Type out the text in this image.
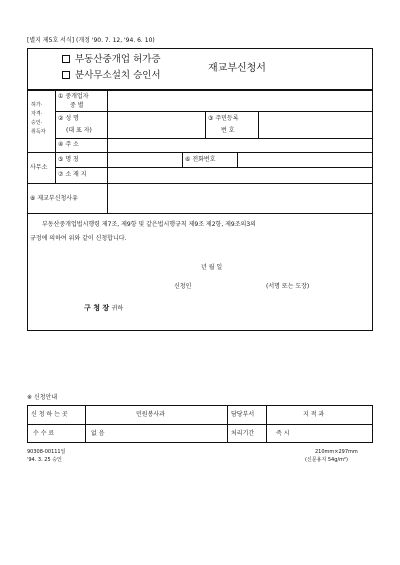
[별지 제5호 서식] (개정 '90. 7. 12, '94. 6. 10)
부동산중개업 허가증
분사무소설치 승인서
재교부신청서
허가·
자격·
승인·
취득자
① 중개업자
중 별
② 성 명
(대 표 자)
③ 주민등록
번 호
④ 주 소
사무소
⑤ 명 칭	⑥ 전화번호
⑦ 소 재 지
⑧ 재교부신청사유
부동산중개업법시행령 제7조, 제9항 및 같은법시행규칙 제9조 제2항, 제9조의3의
규정에 의하여 위와 같이 신청합니다.
년 월 일
신청인	(서명 또는 도장)
구 청 장 귀하
※ 신청안내
신 청 하 는 곳	민원봉사과	담당부서	지 적 과
수 수 료	없 음	처리기간	즉 시
90308-00111일
'94. 3. 25 승인
210mm×297mm
(신문용지 54g/m²)
